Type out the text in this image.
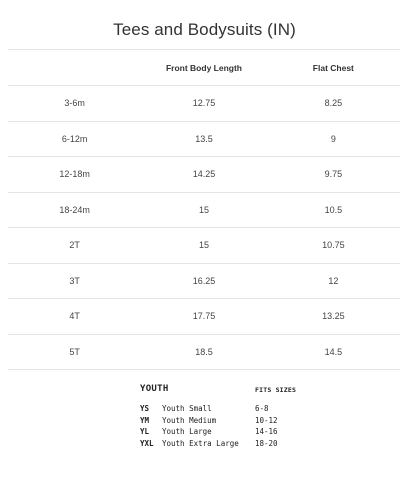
Tees and Bodysuits (IN)
	Front Body Length	Flat Chest
3-6m	12.75	8.25
6-12m	13.5	9
12-18m	14.25	9.75
18-24m	15	10.5
2T	15	10.75
3T	16.25	12
4T	17.75	13.25
5T	18.5	14.5
YOUTH	FITS SIZES
YS Youth Small	6-8
YM Youth Medium	10-12
YL Youth Large	14-16
YXL Youth Extra Large 18-20
